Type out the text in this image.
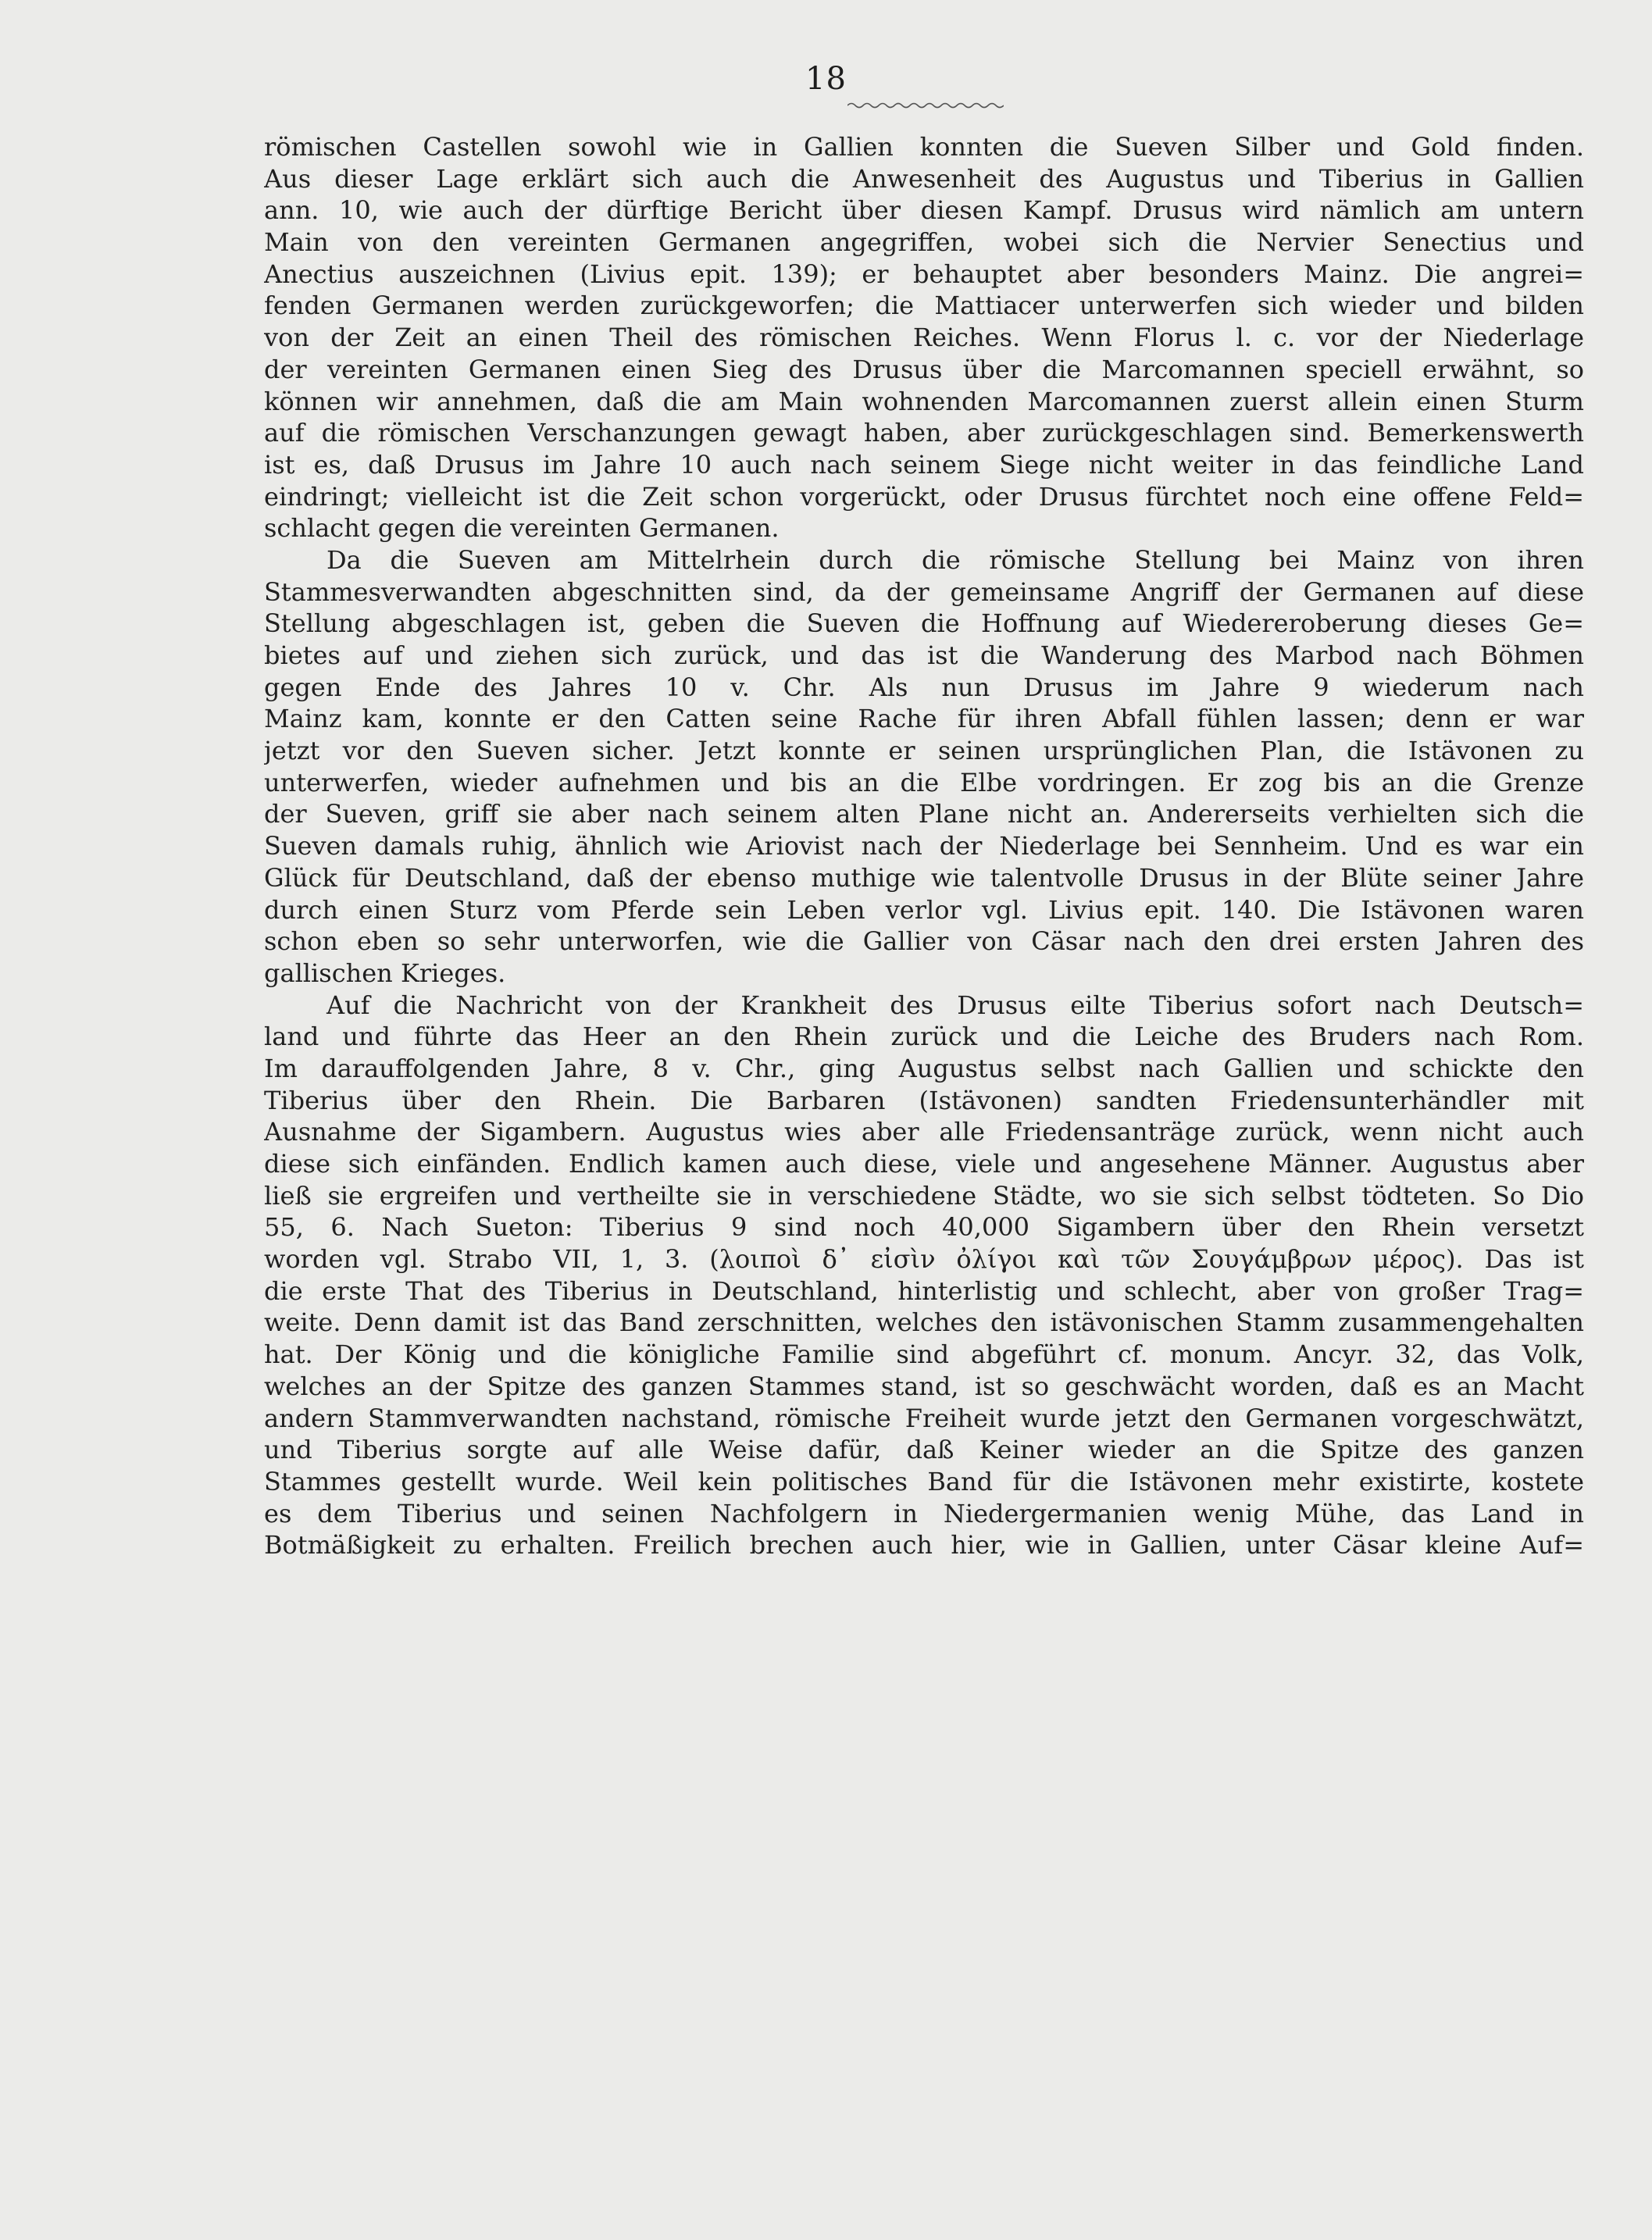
18
römischen Castellen sowohl wie in Gallien konnten die Sueven Silber und Gold finden.
Aus dieser Lage erklärt sich auch die Anwesenheit des Augustus und Tiberius in Gallien
ann. 10, wie auch der dürftige Bericht über diesen Kampf. Drusus wird nämlich am untern
Main von den vereinten Germanen angegriffen, wobei sich die Nervier Senectius und
Anectius auszeichnen (Livius epit. 139); er behauptet aber besonders Mainz. Die angrei=
fenden Germanen werden zurückgeworfen; die Mattiacer unterwerfen sich wieder und bilden
von der Zeit an einen Theil des römischen Reiches. Wenn Florus l. c. vor der Niederlage
der vereinten Germanen einen Sieg des Drusus über die Marcomannen speciell erwähnt, so
können wir annehmen, daß die am Main wohnenden Marcomannen zuerst allein einen Sturm
auf die römischen Verschanzungen gewagt haben, aber zurückgeschlagen sind. Bemerkenswerth
ist es, daß Drusus im Jahre 10 auch nach seinem Siege nicht weiter in das feindliche Land
eindringt; vielleicht ist die Zeit schon vorgerückt, oder Drusus fürchtet noch eine offene Feld=
schlacht gegen die vereinten Germanen.
Da die Sueven am Mittelrhein durch die römische Stellung bei Mainz von ihren
Stammesverwandten abgeschnitten sind, da der gemeinsame Angriff der Germanen auf diese
Stellung abgeschlagen ist, geben die Sueven die Hoffnung auf Wiedereroberung dieses Ge=
bietes auf und ziehen sich zurück, und das ist die Wanderung des Marbod nach Böhmen
gegen Ende des Jahres 10 v. Chr. Als nun Drusus im Jahre 9 wiederum nach
Mainz kam, konnte er den Catten seine Rache für ihren Abfall fühlen lassen; denn er war
jetzt vor den Sueven sicher. Jetzt konnte er seinen ursprünglichen Plan, die Istävonen zu
unterwerfen, wieder aufnehmen und bis an die Elbe vordringen. Er zog bis an die Grenze
der Sueven, griff sie aber nach seinem alten Plane nicht an. Andererseits verhielten sich die
Sueven damals ruhig, ähnlich wie Ariovist nach der Niederlage bei Sennheim. Und es war ein
Glück für Deutschland, daß der ebenso muthige wie talentvolle Drusus in der Blüte seiner Jahre
durch einen Sturz vom Pferde sein Leben verlor vgl. Livius epit. 140. Die Istävonen waren
schon eben so sehr unterworfen, wie die Gallier von Cäsar nach den drei ersten Jahren des
gallischen Krieges.
Auf die Nachricht von der Krankheit des Drusus eilte Tiberius sofort nach Deutsch=
land und führte das Heer an den Rhein zurück und die Leiche des Bruders nach Rom.
Im darauffolgenden Jahre, 8 v. Chr., ging Augustus selbst nach Gallien und schickte den
Tiberius über den Rhein. Die Barbaren (Istävonen) sandten Friedensunterhändler mit
Ausnahme der Sigambern. Augustus wies aber alle Friedensanträge zurück, wenn nicht auch
diese sich einfänden. Endlich kamen auch diese, viele und angesehene Männer. Augustus aber
ließ sie ergreifen und vertheilte sie in verschiedene Städte, wo sie sich selbst tödteten. So Dio
55, 6. Nach Sueton: Tiberius 9 sind noch 40,000 Sigambern über den Rhein versetzt
worden vgl. Strabo VII, 1, 3. (λοιποὶ δ᾽ εἰσὶν ὀλίγοι καὶ τῶν Σουγάμβρων μέρος). Das ist
die erste That des Tiberius in Deutschland, hinterlistig und schlecht, aber von großer Trag=
weite. Denn damit ist das Band zerschnitten, welches den istävonischen Stamm zusammengehalten
hat. Der König und die königliche Familie sind abgeführt cf. monum. Ancyr. 32, das Volk,
welches an der Spitze des ganzen Stammes stand, ist so geschwächt worden, daß es an Macht
andern Stammverwandten nachstand, römische Freiheit wurde jetzt den Germanen vorgeschwätzt,
und Tiberius sorgte auf alle Weise dafür, daß Keiner wieder an die Spitze des ganzen
Stammes gestellt wurde. Weil kein politisches Band für die Istävonen mehr existirte, kostete
es dem Tiberius und seinen Nachfolgern in Niedergermanien wenig Mühe, das Land in
Botmäßigkeit zu erhalten. Freilich brechen auch hier, wie in Gallien, unter Cäsar kleine Auf=
